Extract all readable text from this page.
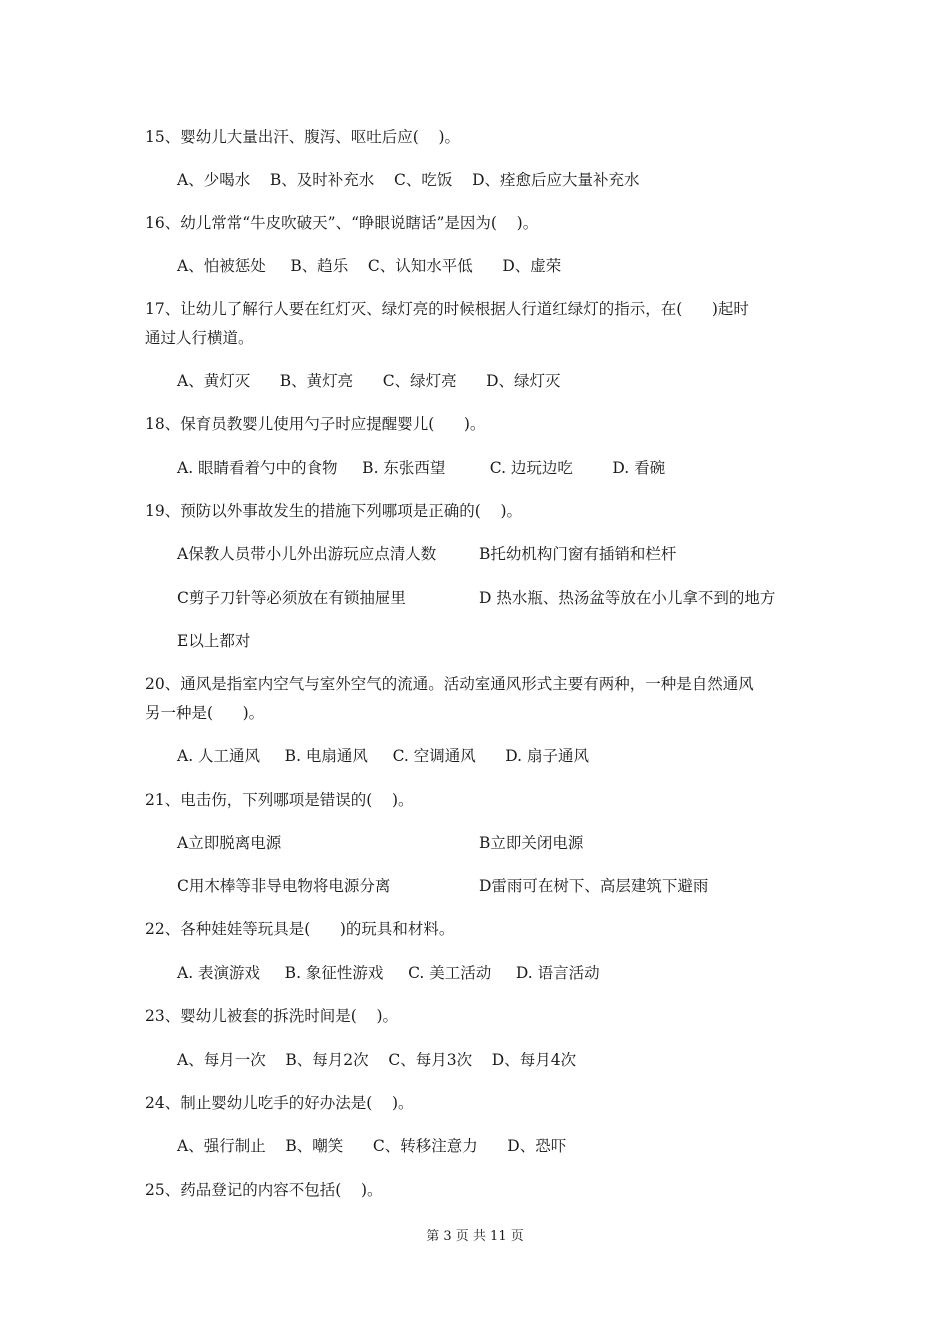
15、婴幼儿大量出汗、腹泻、呕吐后应(    )。
A、少喝水    B、及时补充水    C、吃饭    D、痊愈后应大量补充水
16、幼儿常常“牛皮吹破天”、“睁眼说瞎话”是因为(    )。
A、怕被惩处     B、趋乐    C、认知水平低      D、虚荣
17、让幼儿了解行人要在红灯灭、绿灯亮的时候根据人行道红绿灯的指示，在(      )起时
通过人行横道。
A、黄灯灭      B、黄灯亮      C、绿灯亮      D、绿灯灭
18、保育员教婴儿使用勺子时应提醒婴儿(      )。
A. 眼睛看着勺中的食物     B. 东张西望         C. 边玩边吃        D. 看碗
19、预防以外事故发生的措施下列哪项是正确的(    )。
A保教人员带小儿外出游玩应点清人数	B托幼机构门窗有插销和栏杆
C剪子刀针等必须放在有锁抽屉里	D 热水瓶、热汤盆等放在小儿拿不到的地方
E以上都对
20、通风是指室内空气与室外空气的流通。活动室通风形式主要有两种，一种是自然通风
另一种是(      )。
A. 人工通风     B. 电扇通风     C. 空调通风      D. 扇子通风
21、电击伤，下列哪项是错误的(    )。
A立即脱离电源	B立即关闭电源
C用木棒等非导电物将电源分离	D雷雨可在树下、高层建筑下避雨
22、各种娃娃等玩具是(      )的玩具和材料。
A. 表演游戏     B. 象征性游戏     C. 美工活动     D. 语言活动
23、婴幼儿被套的拆洗时间是(    )。
A、每月一次    B、每月2次    C、每月3次    D、每月4次
24、制止婴幼儿吃手的好办法是(    )。
A、强行制止    B、嘲笑      C、转移注意力      D、恐吓
25、药品登记的内容不包括(    )。
第 3 页 共 11 页
